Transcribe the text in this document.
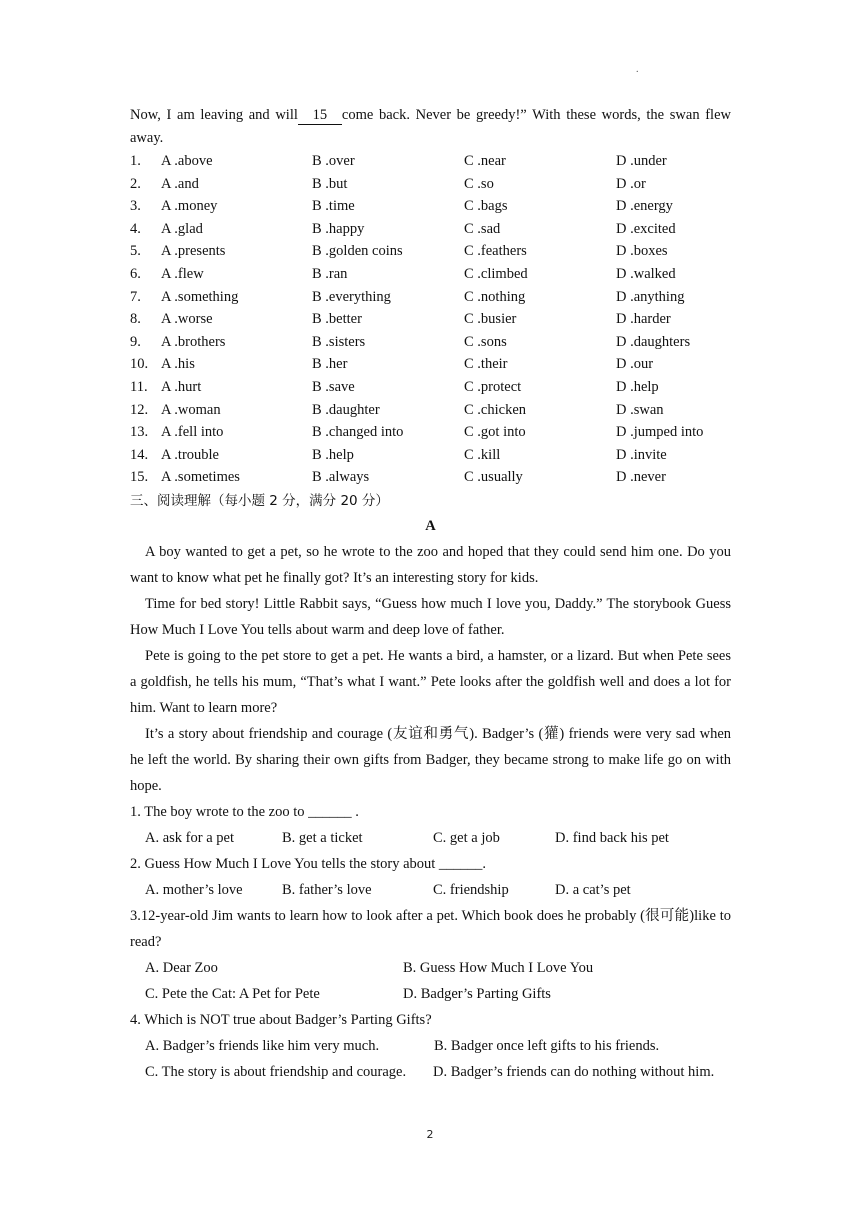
.

Now, I am leaving and will 15 come back. Never be greedy!” With these words, the swan flew away.

1. A .above	B .over	C .near	D .under
2. A .and	B .but	C .so	D .or
3. A .money	B .time	C .bags	D .energy
4. A .glad	B .happy	C .sad	D .excited
5. A .presents	B .golden coins	C .feathers	D .boxes
6. A .flew	B .ran	C .climbed	D .walked
7. A .something	B .everything	C .nothing	D .anything
8. A .worse	B .better	C .busier	D .harder
9. A .brothers	B .sisters	C .sons	D .daughters
10. A .his	B .her	C .their	D .our
11. A .hurt	B .save	C .protect	D .help
12. A .woman	B .daughter	C .chicken	D .swan
13. A .fell into	B .changed into	C .got into	D .jumped into
14. A .trouble	B .help	C .kill	D .invite
15. A .sometimes	B .always	C .usually	D .never
三、阅读理解（每小题 2 分，满分 20 分）
A

A boy wanted to get a pet, so he wrote to the zoo and hoped that they could send him one. Do you want to know what pet he finally got? It’s an interesting story for kids.

Time for bed story! Little Rabbit says, “Guess how much I love you, Daddy.” The storybook Guess How Much I Love You tells about warm and deep love of father.

Pete is going to the pet store to get a pet. He wants a bird, a hamster, or a lizard. But when Pete sees a goldfish, he tells his mum, “That’s what I want.” Pete looks after the goldfish well and does a lot for him. Want to learn more?

It’s a story about friendship and courage (友谊和勇气). Badger’s (獾) friends were very sad when he left the world. By sharing their own gifts from Badger, they became strong to make life go on with hope.

1. The boy wrote to the zoo to ______ .
A. ask for a pet	B. get a ticket	C. get a job	D. find back his pet
2. Guess How Much I Love You tells the story about ______.
A. mother’s love	B. father’s love	C. friendship	D. a cat’s pet
3.12-year-old Jim wants to learn how to look after a pet. Which book does he probably (很可能)like to read?
A. Dear Zoo	B. Guess How Much I Love You
C. Pete the Cat: A Pet for Pete	D. Badger’s Parting Gifts
4. Which is NOT true about Badger’s Parting Gifts?
A. Badger’s friends like him very much.	B. Badger once left gifts to his friends.
C. The story is about friendship and courage. D. Badger’s friends can do nothing without him.
2
